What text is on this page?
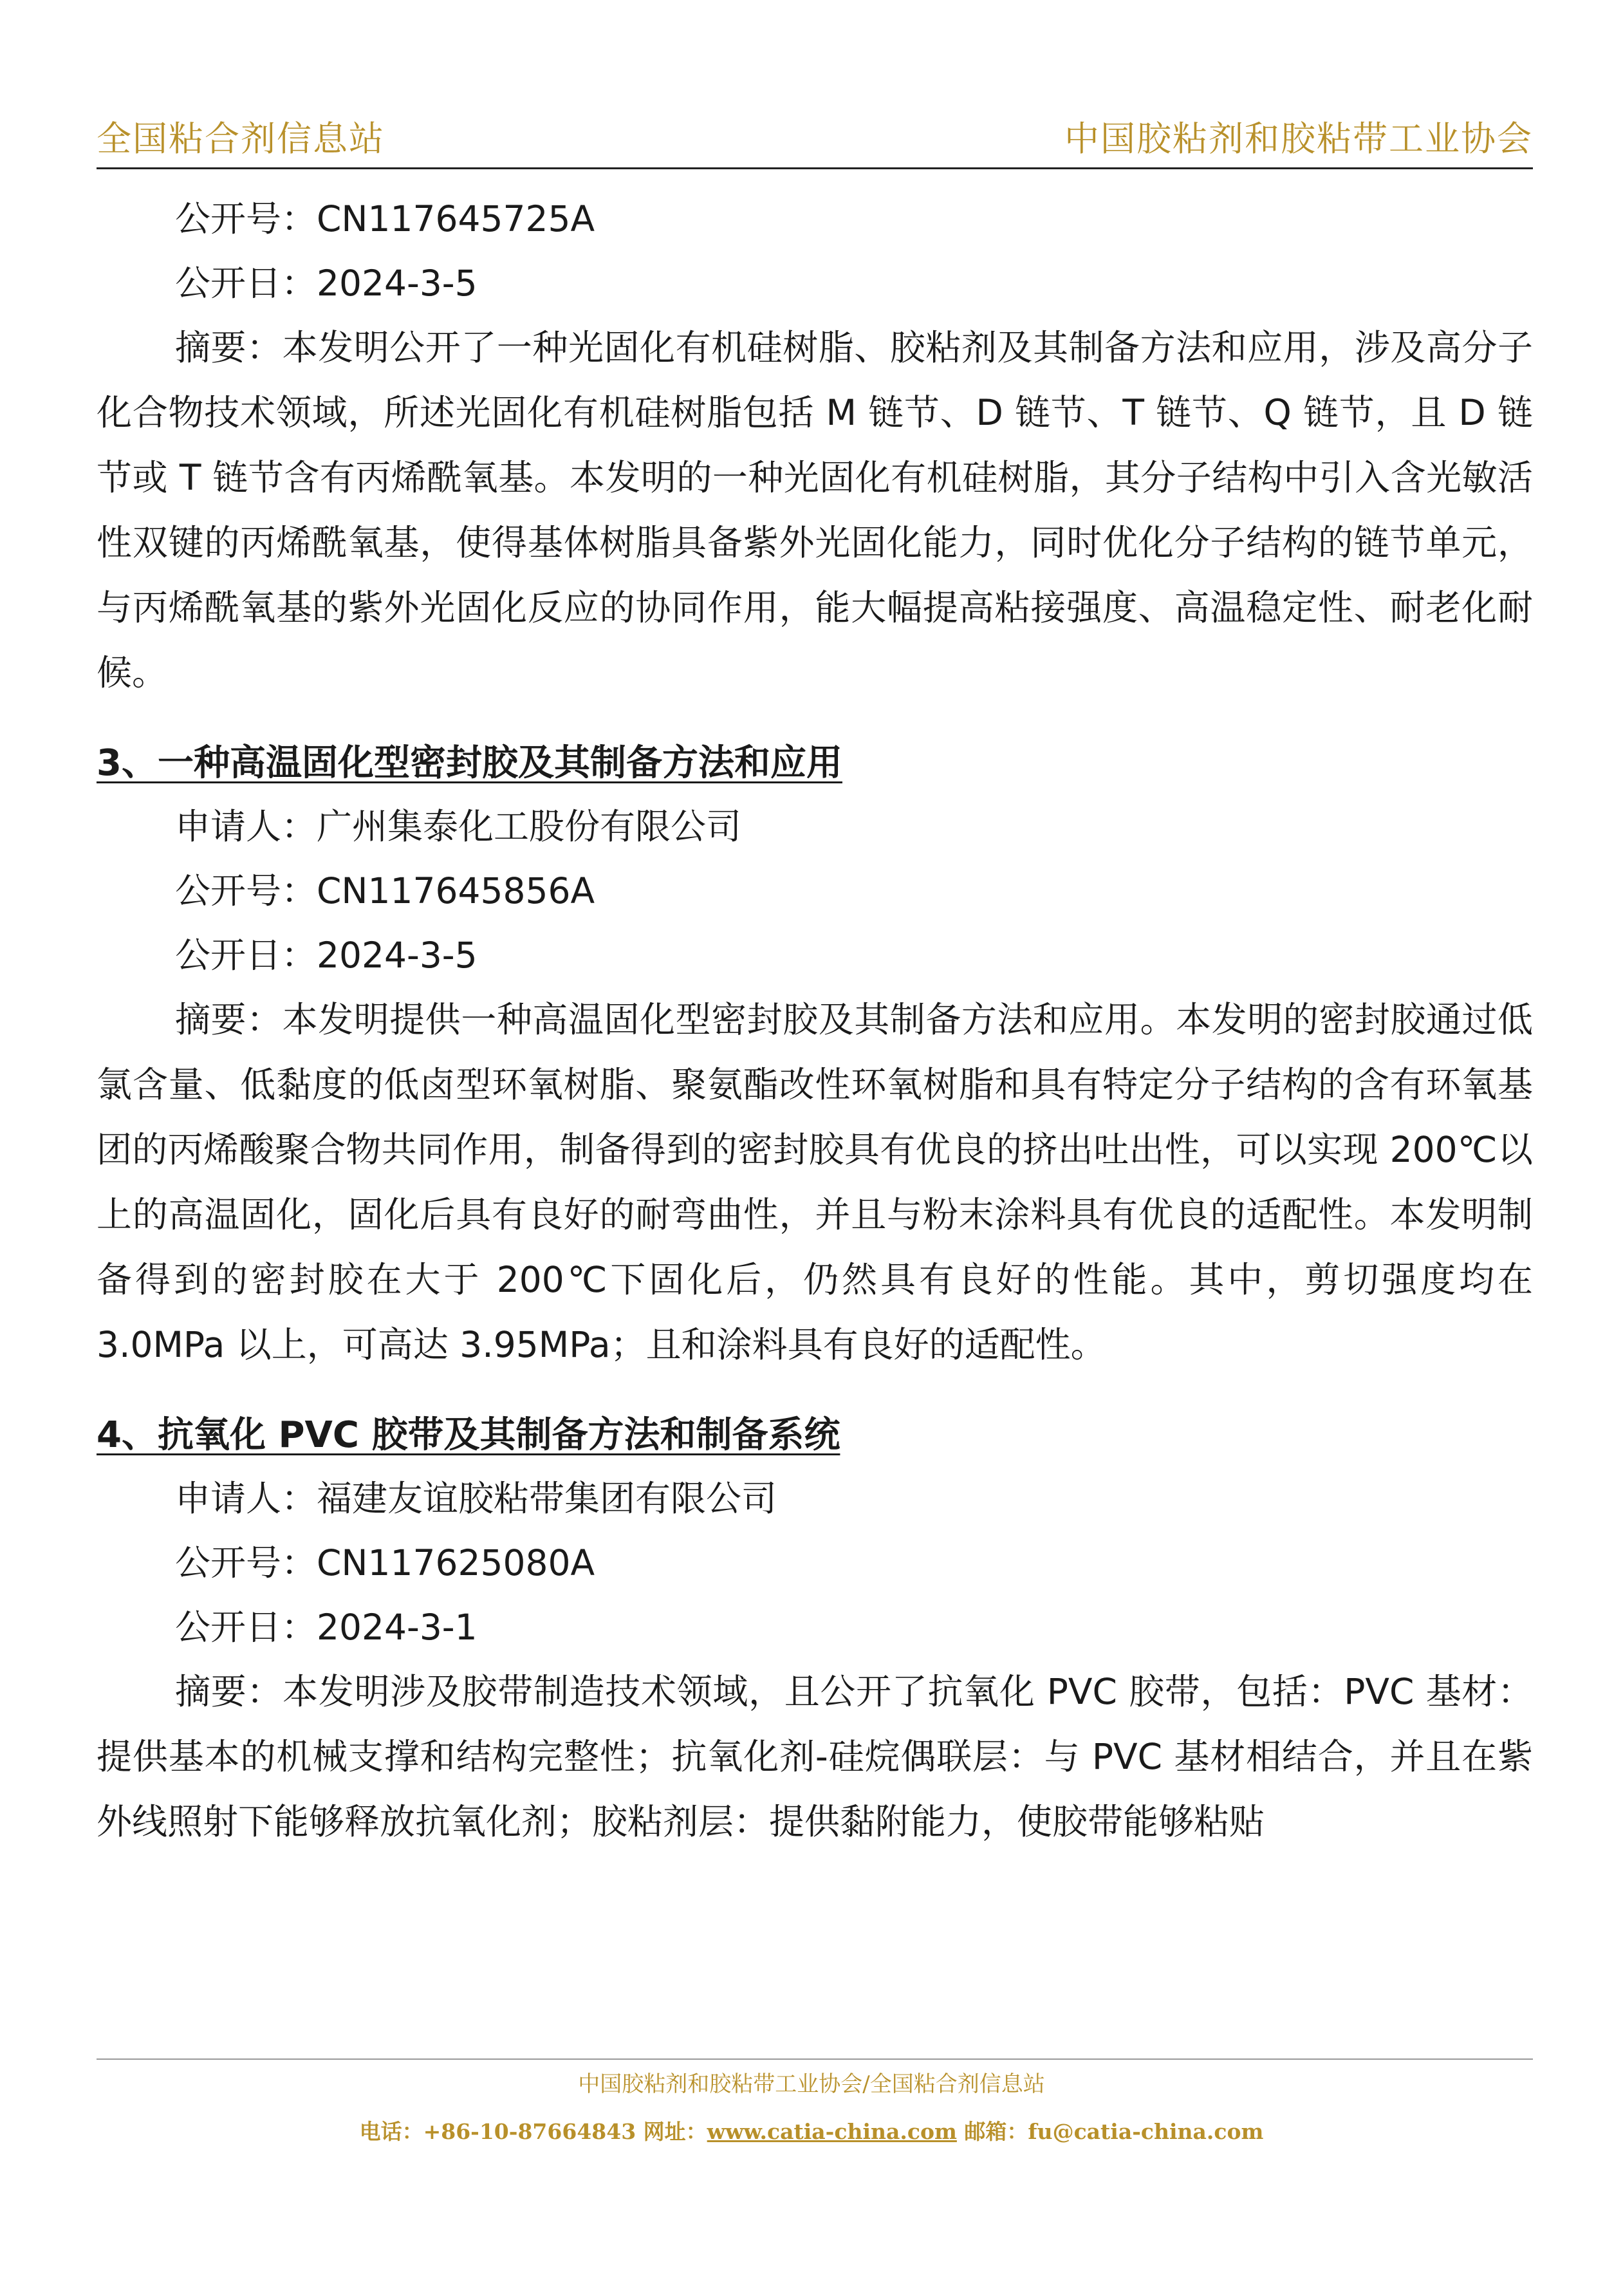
全国粘合剂信息站	中国胶粘剂和胶粘带工业协会

公开号：CN117645725A

公开日：2024-3-5

摘要：本发明公开了一种光固化有机硅树脂、胶粘剂及其制备方法和应用，涉及高分子化合物技术领域，所述光固化有机硅树脂包括 M 链节、D 链节、T 链节、Q 链节，且 D 链节或 T 链节含有丙烯酰氧基。本发明的一种光固化有机硅树脂，其分子结构中引入含光敏活性双键的丙烯酰氧基，使得基体树脂具备紫外光固化能力，同时优化分子结构的链节单元，与丙烯酰氧基的紫外光固化反应的协同作用，能大幅提高粘接强度、高温稳定性、耐老化耐候。

3、一种高温固化型密封胶及其制备方法和应用

申请人：广州集泰化工股份有限公司

公开号：CN117645856A

公开日：2024-3-5

摘要：本发明提供一种高温固化型密封胶及其制备方法和应用。本发明的密封胶通过低氯含量、低黏度的低卤型环氧树脂、聚氨酯改性环氧树脂和具有特定分子结构的含有环氧基团的丙烯酸聚合物共同作用，制备得到的密封胶具有优良的挤出吐出性，可以实现 200℃以上的高温固化，固化后具有良好的耐弯曲性，并且与粉末涂料具有优良的适配性。本发明制备得到的密封胶在大于 200℃下固化后，仍然具有良好的性能。其中，剪切强度均在 3.0MPa 以上，可高达 3.95MPa；且和涂料具有良好的适配性。

4、抗氧化 PVC 胶带及其制备方法和制备系统

申请人：福建友谊胶粘带集团有限公司

公开号：CN117625080A

公开日：2024-3-1

摘要：本发明涉及胶带制造技术领域，且公开了抗氧化 PVC 胶带，包括：PVC 基材：提供基本的机械支撑和结构完整性；抗氧化剂-硅烷偶联层：与 PVC 基材相结合，并且在紫外线照射下能够释放抗氧化剂；胶粘剂层：提供黏附能力，使胶带能够粘贴

中国胶粘剂和胶粘带工业协会/全国粘合剂信息站
电话：+86-10-87664843 网址：www.catia-china.com 邮箱：fu@catia-china.com
